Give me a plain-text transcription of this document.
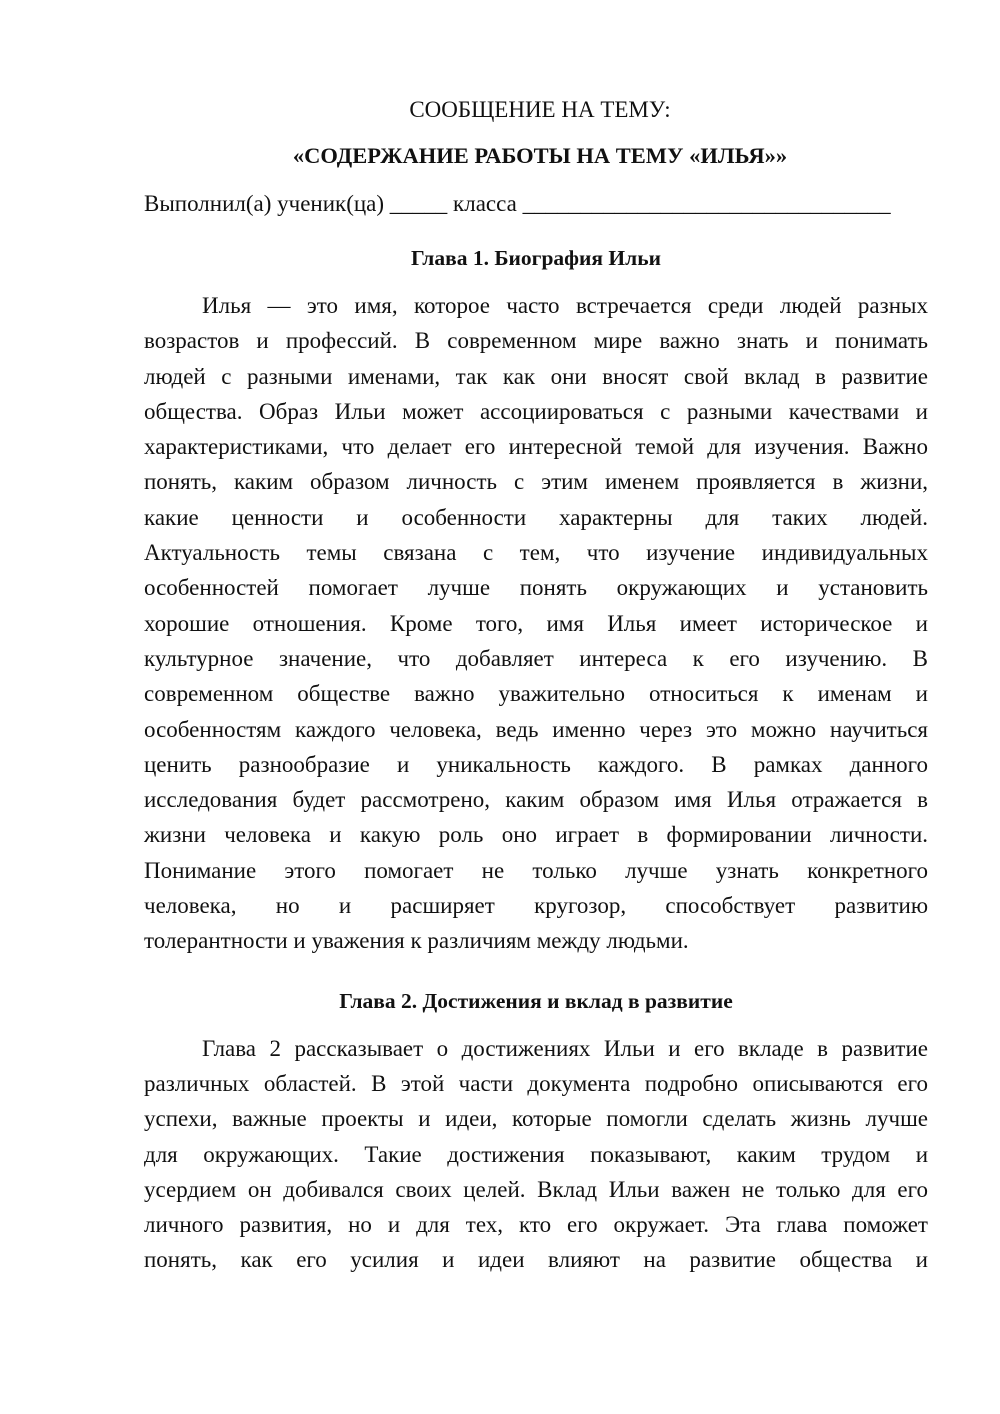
СООБЩЕНИЕ НА ТЕМУ:

«СОДЕРЖАНИЕ РАБОТЫ НА ТЕМУ «ИЛЬЯ»»

Выполнил(а) ученик(ца) _____ класса ________________________________

Глава 1. Биография Ильи
Илья — это имя, которое часто встречается среди людей разных
возрастов и профессий. В современном мире важно знать и понимать
людей с разными именами, так как они вносят свой вклад в развитие
общества. Образ Ильи может ассоциироваться с разными качествами и
характеристиками, что делает его интересной темой для изучения. Важно
понять, каким образом личность с этим именем проявляется в жизни,
какие ценности и особенности характерны для таких людей.
Актуальность темы связана с тем, что изучение индивидуальных
особенностей помогает лучше понять окружающих и установить
хорошие отношения. Кроме того, имя Илья имеет историческое и
культурное значение, что добавляет интереса к его изучению. В
современном обществе важно уважительно относиться к именам и
особенностям каждого человека, ведь именно через это можно научиться
ценить разнообразие и уникальность каждого. В рамках данного
исследования будет рассмотрено, каким образом имя Илья отражается в
жизни человека и какую роль оно играет в формировании личности.
Понимание этого помогает не только лучше узнать конкретного
человека, но и расширяет кругозор, способствует развитию
толерантности и уважения к различиям между людьми.
Глава 2. Достижения и вклад в развитие
Глава 2 рассказывает о достижениях Ильи и его вкладе в развитие
различных областей. В этой части документа подробно описываются его
успехи, важные проекты и идеи, которые помогли сделать жизнь лучше
для окружающих. Такие достижения показывают, каким трудом и
усердием он добивался своих целей. Вклад Ильи важен не только для его
личного развития, но и для тех, кто его окружает. Эта глава поможет
понять, как его усилия и идеи влияют на развитие общества и
